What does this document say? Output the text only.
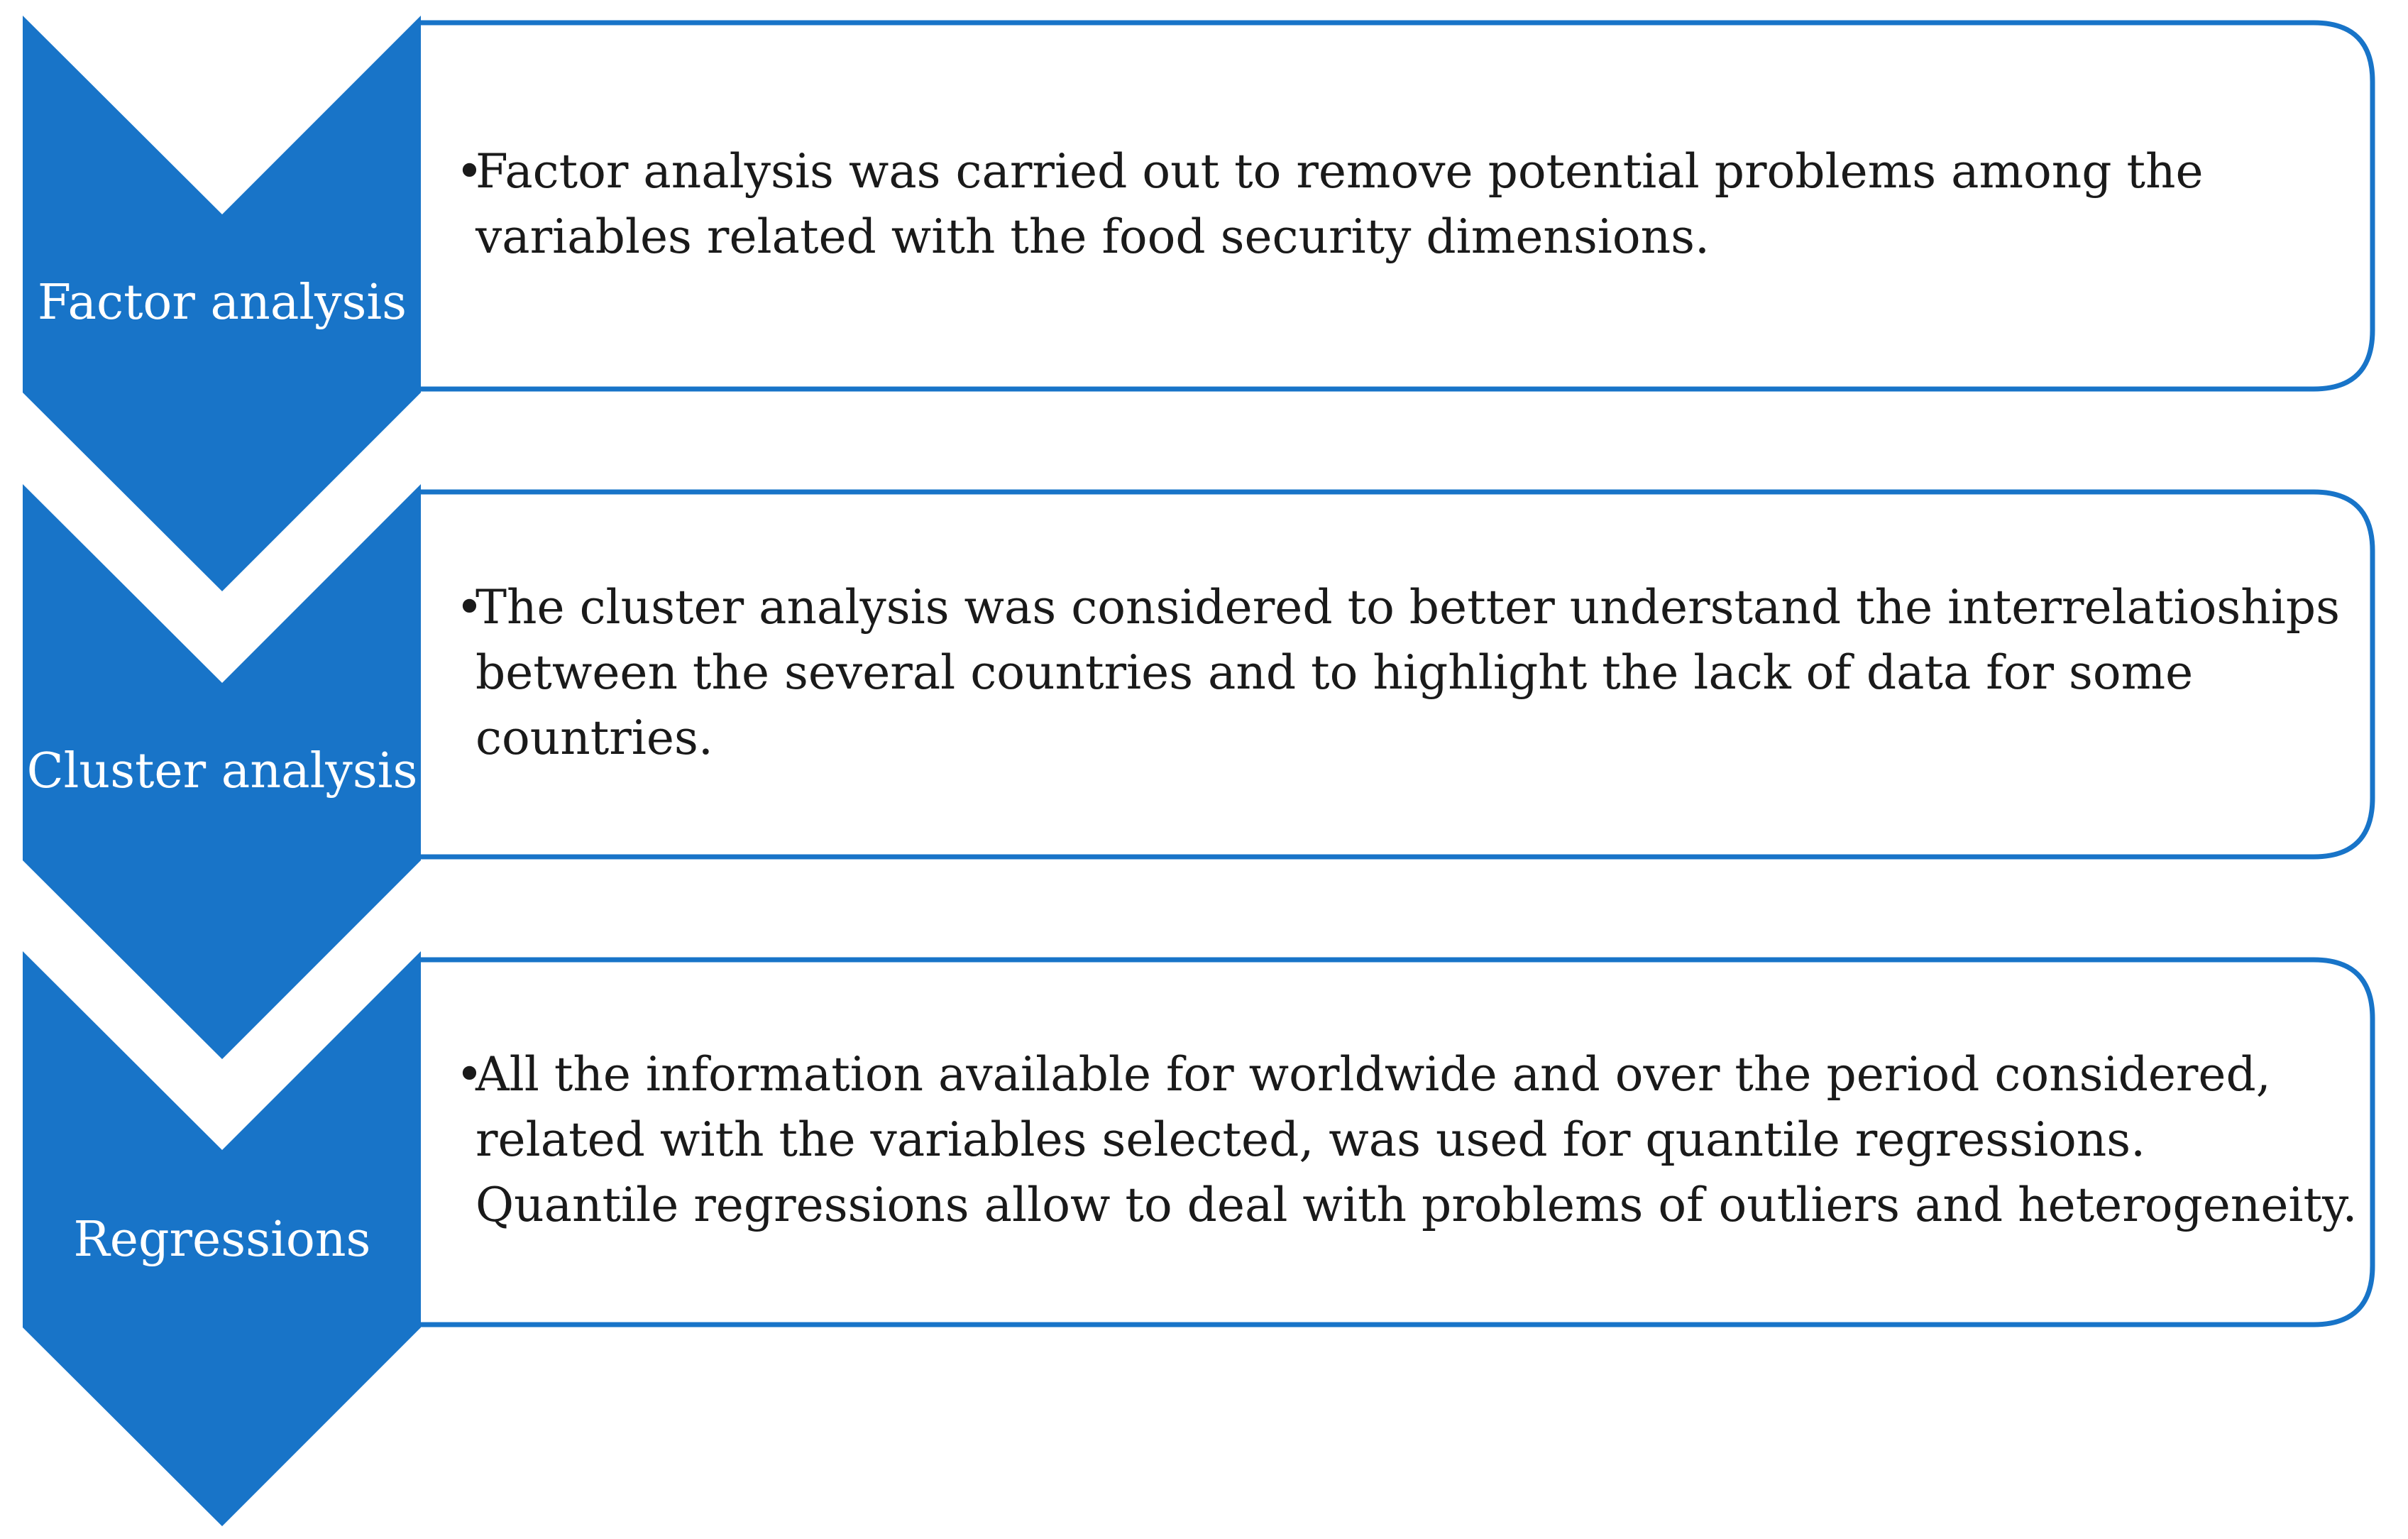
Factor analysis
Cluster analysis
Regressions
•Factor analysis was carried out to remove potential problems among the variables related with the food security dimensions.
•The cluster analysis was considered to better understand the interrelatioships between the several countries and to highlight the lack of data for some countries.
•All the information available for worldwide and over the period considered, related with the variables selected, was used for quantile regressions. Quantile regressions allow to deal with problems of outliers and heterogeneity.
